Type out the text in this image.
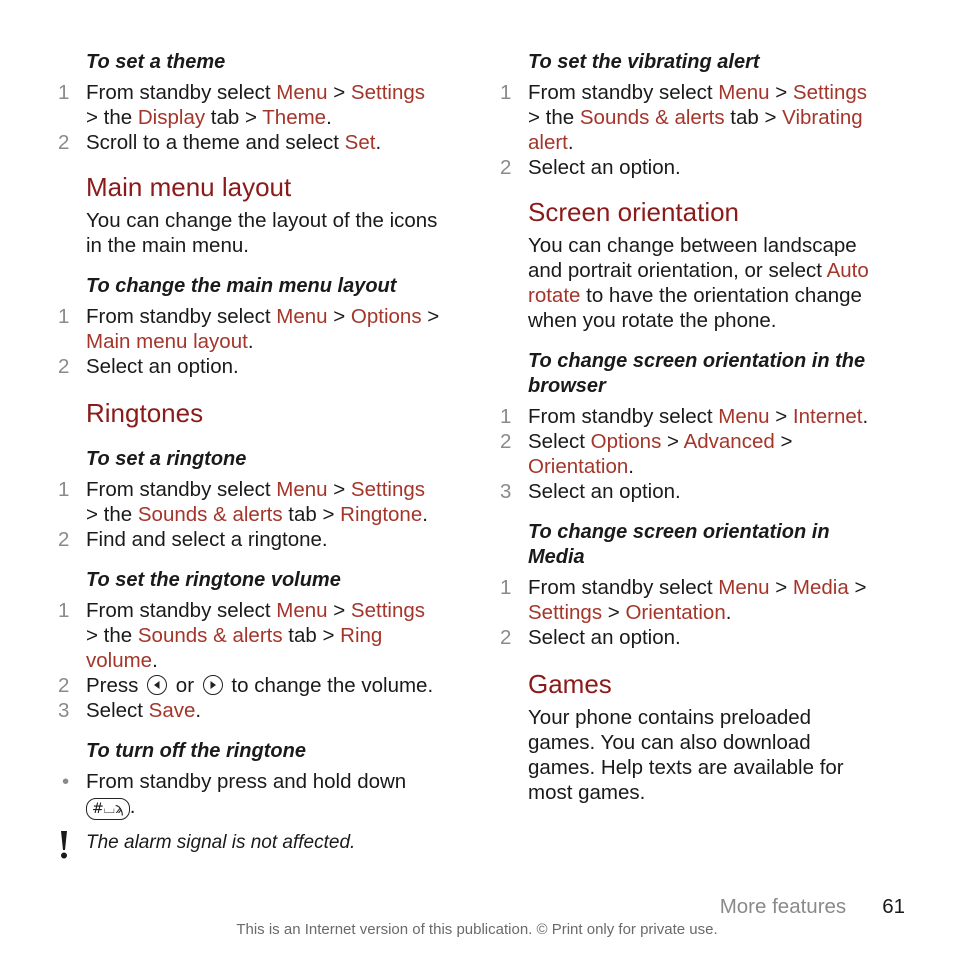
To set a theme
1 From standby select Menu > Settings > the Display tab > Theme.
2 Scroll to a theme and select Set.
Main menu layout
You can change the layout of the icons in the main menu.
To change the main menu layout
1 From standby select Menu > Options > Main menu layout.
2 Select an option.
Ringtones
To set a ringtone
1 From standby select Menu > Settings > the Sounds & alerts tab > Ringtone.
2 Find and select a ringtone.
To set the ringtone volume
1 From standby select Menu > Settings > the Sounds & alerts tab > Ring volume.
2 Press
or
to change the volume.
3 Select Save.
To turn off the ringtone
• From standby press and hold down
#⌴ϡ .
The alarm signal is not affected.
To set the vibrating alert
1 From standby select Menu > Settings > the Sounds & alerts tab > Vibrating alert.
2 Select an option.
Screen orientation
You can change between landscape and portrait orientation, or select Auto rotate to have the orientation change when you rotate the phone.
To change screen orientation in the browser
1 From standby select Menu > Internet.
2 Select Options > Advanced > Orientation.
3 Select an option.
To change screen orientation in Media
1 From standby select Menu > Media > Settings > Orientation.
2 Select an option.
Games
Your phone contains preloaded games. You can also download games. Help texts are available for most games.
More features 61
This is an Internet version of this publication. © Print only for private use.
